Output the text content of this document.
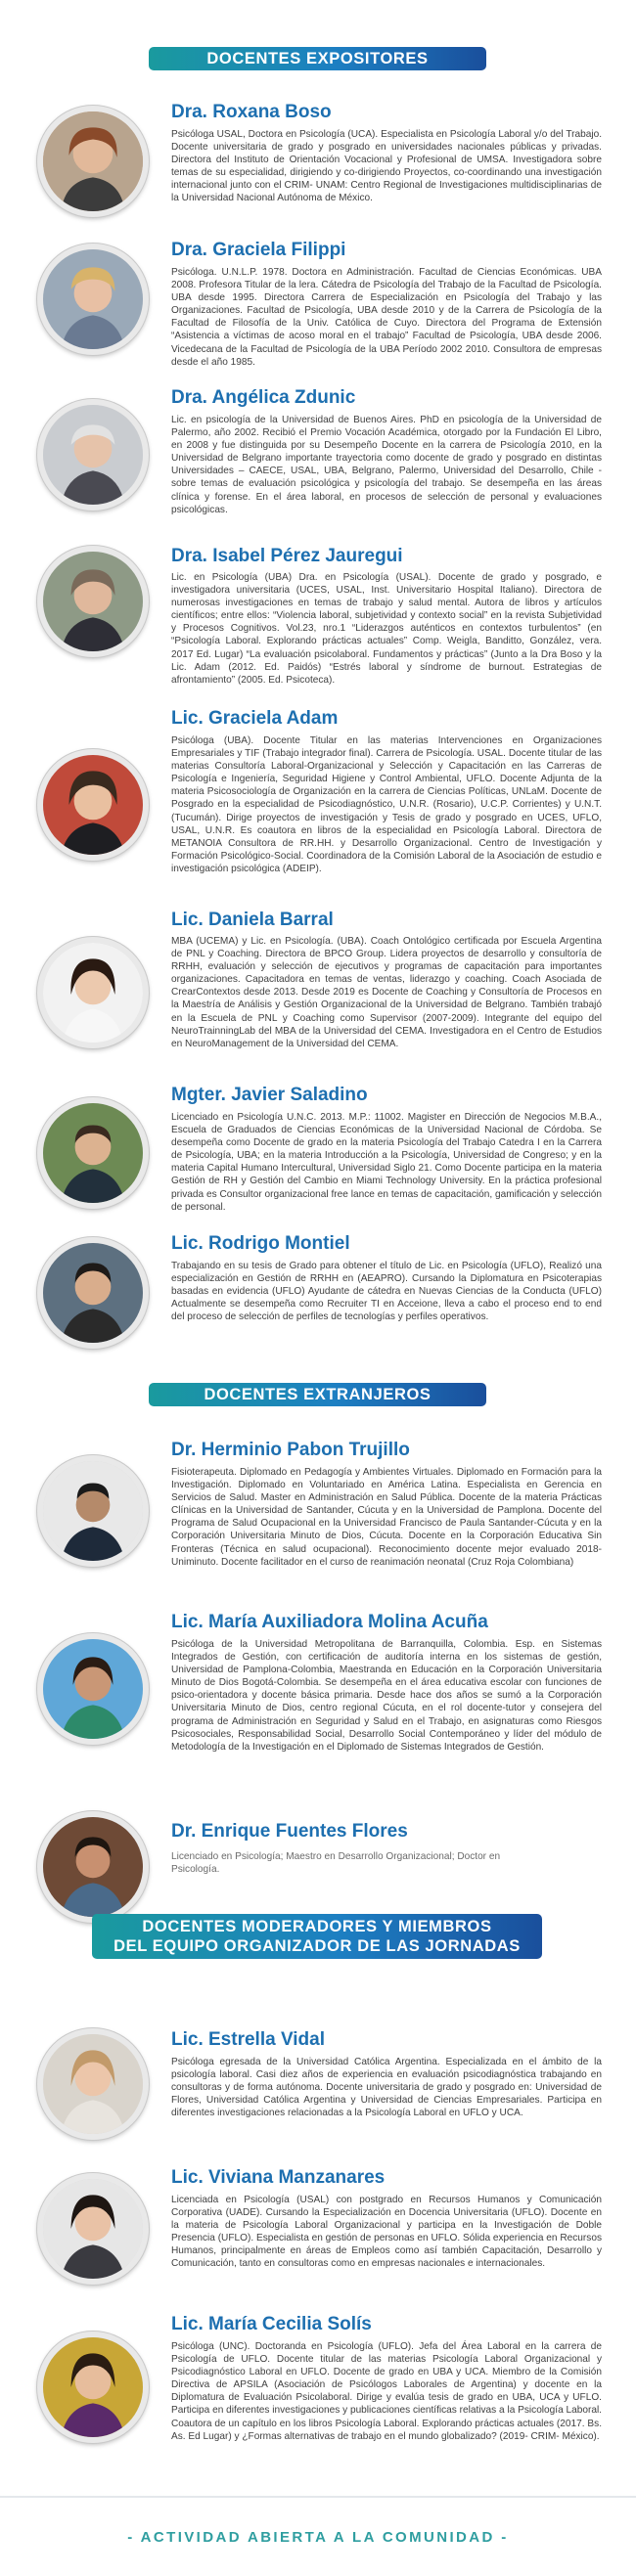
DOCENTES EXPOSITORES
Dra. Roxana Boso
Psicóloga USAL, Doctora en Psicología (UCA). Especialista en Psicología Laboral y/o del Trabajo. Docente universitaria de grado y posgrado en universidades nacionales públicas y privadas. Directora del Instituto de Orientación Vocacional y Profesional de UMSA. Investigadora sobre temas de su especialidad, dirigiendo y co-dirigiendo Proyectos, co-coordinando una investigación internacional junto con el CRIM- UNAM: Centro Regional de Investigaciones multidisciplinarias de la Universidad Nacional Autónoma de México.
Dra. Graciela Filippi
Psicóloga. U.N.L.P. 1978. Doctora en Administración. Facultad de Ciencias Económicas. UBA 2008. Profesora Titular de la lera. Cátedra de Psicología del Trabajo de la Facultad de Psicología. UBA desde 1995. Directora Carrera de Especialización en Psicología del Trabajo y las Organizaciones. Facultad de Psicología, UBA desde 2010 y de la Carrera de Psicología de la Facultad de Filosofía de la Univ. Católica de Cuyo. Directora del Programa de Extensión “Asistencia a víctimas de acoso moral en el trabajo” Facultad de Psicología, UBA desde 2006. Vicedecana de la Facultad de Psicología de la UBA Período 2002 2010. Consultora de empresas desde el año 1985.
Dra. Angélica Zdunic
Lic. en psicología de la Universidad de Buenos Aires. PhD en psicología de la Universidad de Palermo, año 2002. Recibió el Premio Vocación Académica, otorgado por la Fundación El Libro, en 2008 y fue distinguida por su Desempeño Docente en la carrera de Psicología 2010, en la Universidad de Belgrano importante trayectoria como docente de grado y posgrado en distintas Universidades – CAECE, USAL, UBA, Belgrano, Palermo, Universidad del Desarrollo, Chile - sobre temas de evaluación psicológica y psicología del trabajo. Se desempeña en las áreas clínica y forense. En el área laboral, en procesos de selección de personal y evaluaciones psicológicas.
Dra. Isabel Pérez Jauregui
Lic. en Psicología (UBA) Dra. en Psicología (USAL). Docente de grado y posgrado, e investigadora universitaria (UCES, USAL, Inst. Universitario Hospital Italiano). Directora de numerosas investigaciones en temas de trabajo y salud mental. Autora de libros y artículos científicos; entre ellos: “Violencia laboral, subjetividad y contexto social” en la revista Subjetividad y Procesos Cognitivos. Vol.23, nro.1 “Liderazgos auténticos en contextos turbulentos” (en “Psicología Laboral. Explorando prácticas actuales” Comp. Weigla, Banditto, González, vera. 2017 Ed. Lugar) “La evaluación psicolaboral. Fundamentos y prácticas” (Junto a la Dra Boso y la Lic. Adam (2012. Ed. Paidós) “Estrés laboral y síndrome de burnout. Estrategias de afrontamiento” (2005. Ed. Psicoteca).
Lic. Graciela Adam
Psicóloga (UBA). Docente Titular en las materias Intervenciones en Organizaciones Empresariales y TIF (Trabajo integrador final). Carrera de Psicología. USAL. Docente titular de las materias Consultoría Laboral-Organizacional y Selección y Capacitación en las Carreras de Psicología e Ingeniería, Seguridad Higiene y Control Ambiental, UFLO. Docente Adjunta de la materia Psicosociología de Organización en la carrera de Ciencias Políticas, UNLaM. Docente de Posgrado en la especialidad de Psicodiagnóstico, U.N.R. (Rosario), U.C.P. Corrientes) y U.N.T. (Tucumán). Dirige proyectos de investigación y Tesis de grado y posgrado en UCES, UFLO, USAL, U.N.R. Es coautora en libros de la especialidad en Psicología Laboral. Directora de METANOIA Consultora de RR.HH. y Desarrollo Organizacional. Centro de Investigación y Formación Psicológico-Social. Coordinadora de la Comisión Laboral de la Asociación de estudio e investigación psicológica (ADEIP).
Lic. Daniela Barral
MBA (UCEMA) y Lic. en Psicología. (UBA). Coach Ontológico certificada por Escuela Argentina de PNL y Coaching. Directora de BPCO Group. Lidera proyectos de desarrollo y consultoría de RRHH, evaluación y selección de ejecutivos y programas de capacitación para importantes organizaciones. Capacitadora en temas de ventas, liderazgo y coaching. Coach Asociada de CrearContextos desde 2013. Desde 2019 es Docente de Coaching y Consultoría de Procesos en la Maestría de Análisis y Gestión Organizacional de la Universidad de Belgrano. También trabajó en la Escuela de PNL y Coaching como Supervisor (2007-2009). Integrante del equipo del NeuroTrainningLab del MBA de la Universidad del CEMA. Investigadora en el Centro de Estudios en NeuroManagement de la Universidad del CEMA.
Mgter. Javier Saladino
Licenciado en Psicología U.N.C. 2013. M.P.: 11002. Magister en Dirección de Negocios M.B.A., Escuela de Graduados de Ciencias Económicas de la Universidad Nacional de Córdoba. Se desempeña como Docente de grado en la materia Psicología del Trabajo Catedra I en la Carrera de Psicología, UBA; en la materia Introducción a la Psicología, Universidad de Congreso; y en la materia Capital Humano Intercultural, Universidad Siglo 21. Como Docente participa en la materia Gestión de RH y Gestión del Cambio en Miami Technology University. En la práctica profesional privada es Consultor organizacional free lance en temas de capacitación, gamificación y selección de personal.
Lic. Rodrigo Montiel
Trabajando en su tesis de Grado para obtener el título de Lic. en Psicología (UFLO), Realizó una especialización en Gestión de RRHH en (AEAPRO). Cursando la Diplomatura en Psicoterapias basadas en evidencia (UFLO) Ayudante de cátedra en Nuevas Ciencias de la Conducta (UFLO) Actualmente se desempeña como Recruiter TI en Acceione, lleva a cabo el proceso end to end del proceso de selección de perfiles de tecnologías y perfiles operativos.
DOCENTES EXTRANJEROS
Dr. Herminio Pabon Trujillo
Fisioterapeuta. Diplomado en Pedagogía y Ambientes Virtuales. Diplomado en Formación para la Investigación. Diplomado en Voluntariado en América Latina. Especialista en Gerencia en Servicios de Salud. Master en Administración en Salud Pública. Docente de la materia Prácticas Clínicas en la Universidad de Santander, Cúcuta y en la Universidad de Pamplona. Docente del Programa de Salud Ocupacional en la Universidad Francisco de Paula Santander-Cúcuta y en la Corporación Universitaria Minuto de Dios, Cúcuta. Docente en la Corporación Educativa Sin Fronteras (Técnica en salud ocupacional). Reconocimiento docente mejor evaluado 2018-Uniminuto. Docente facilitador en el curso de reanimación neonatal (Cruz Roja Colombiana)
Lic. María Auxiliadora Molina Acuña
Psicóloga de la Universidad Metropolitana de Barranquilla, Colombia. Esp. en Sistemas Integrados de Gestión, con certificación de auditoría interna en los sistemas de gestión, Universidad de Pamplona-Colombia, Maestranda en Educación en la Corporación Universitaria Minuto de Dios Bogotá-Colombia. Se desempeña en el área educativa escolar con funciones de psico-orientadora y docente básica primaria. Desde hace dos años se sumó a la Corporación Universitaria Minuto de Dios, centro regional Cúcuta, en el rol docente-tutor y consejera del programa de Administración en Seguridad y Salud en el Trabajo, en asignaturas como Riesgos Psicosociales, Responsabilidad Social, Desarrollo Social Contemporáneo y líder del módulo de Metodología de la Investigación en el Diplomado de Sistemas Integrados de Gestión.
Dr. Enrique Fuentes Flores
Licenciado en Psicología; Maestro en Desarrollo Organizacional; Doctor en Psicología.
DOCENTES MODERADORES Y MIEMBROS
DEL EQUIPO ORGANIZADOR DE LAS JORNADAS
Lic. Estrella Vidal
Psicóloga egresada de la Universidad Católica Argentina. Especializada en el ámbito de la psicología laboral. Casi diez años de experiencia en evaluación psicodiagnóstica trabajando en consultoras y de forma autónoma. Docente universitaria de grado y posgrado en: Universidad de Flores, Universidad Católica Argentina y Universidad de Ciencias Empresariales. Participa en diferentes investigaciones relacionadas a la Psicología Laboral en UFLO y UCA.
Lic. Viviana Manzanares
Licenciada en Psicología (USAL) con postgrado en Recursos Humanos y Comunicación Corporativa (UADE). Cursando la Especialización en Docencia Universitaria (UFLO). Docente en la materia de Psicología Laboral Organizacional y participa en la Investigación de Doble Presencia (UFLO). Especialista en gestión de personas en UFLO. Sólida experiencia en Recursos Humanos, principalmente en áreas de Empleos como así también Capacitación, Desarrollo y Comunicación, tanto en consultoras como en empresas nacionales e internacionales.
Lic. María Cecilia Solís
Psicóloga (UNC). Doctoranda en Psicología (UFLO). Jefa del Área Laboral en la carrera de Psicología de UFLO. Docente titular de las materias Psicología Laboral Organizacional y Psicodiagnóstico Laboral en UFLO. Docente de grado en UBA y UCA. Miembro de la Comisión Directiva de APSILA (Asociación de Psicólogos Laborales de Argentina) y docente en la Diplomatura de Evaluación Psicolaboral. Dirige y evalúa tesis de grado en UBA, UCA y UFLO. Participa en diferentes investigaciones y publicaciones científicas relativas a la Psicología Laboral. Coautora de un capítulo en los libros Psicología Laboral. Explorando prácticas actuales (2017. Bs. As. Ed Lugar) y ¿Formas alternativas de trabajo en el mundo globalizado? (2019- CRIM- México).
- ACTIVIDAD ABIERTA A LA COMUNIDAD -
